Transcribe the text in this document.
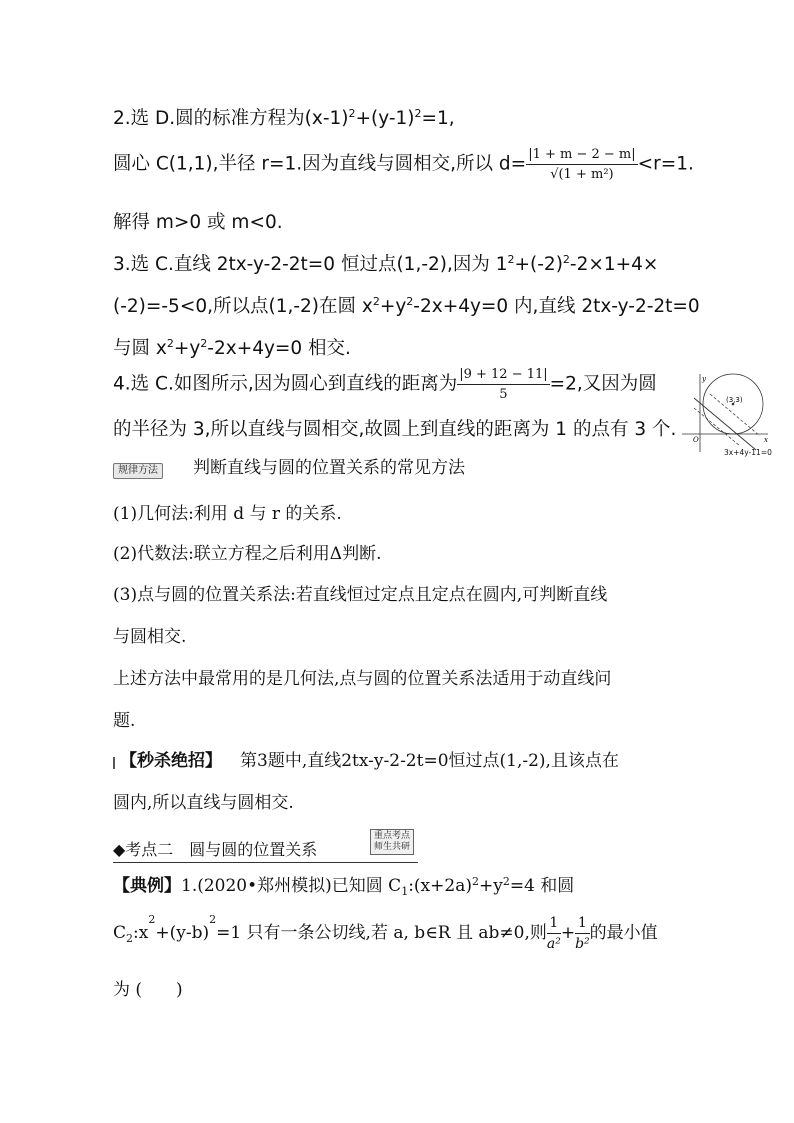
2.选 D.圆的标准方程为$(x-1)^2+(y-1)^2=1$,
圆心 C(1,1),半径 r=1.因为直线与圆相交,所以 $d= \frac{|1 + m - 2 - m|}{\text{√(1 + m²)}} <r=1$.
解得 m>0 或 m<0.
3.选 C.直线 2tx-y-2-2t=0 恒过点(1,-2),因为 $1^2+(-2)^2-2\times 1+4\times$
(-2)=-5<0,所以点(1,-2)在圆 $x^2+y^2-2x+4y=0$ 内,直线 2tx-y-2-2t=0
与圆 $x^2+y^2-2x+4y=0$ 相交.
4.选 C.如图所示,因为圆心到直线的距离为 $\frac{|9 + 12 - 11|}{5} =2$,又因为圆
的半径为 3,所以直线与圆相交,故圆上到直线的距离为 1 的点有 3 个.
(3,3)
y
x
O
3x+4y-11=0
规律方法 判断直线与圆的位置关系的常见方法
(1)几何法:利用 d 与 r 的关系.
(2)代数法:联立方程之后利用Δ判断.
(3)点与圆的位置关系法:若直线恒过定点且定点在圆内,可判断直线
与圆相交.
上述方法中最常用的是几何法,点与圆的位置关系法适用于动直线问
题.
【秒杀绝招】 第3题中,直线2tx-y-2-2t=0恒过点(1,-2),且该点在
圆内,所以直线与圆相交.
◆考点二　圆与圆的位置关系
重点考点
师生共研
【典例】1.(2020•郑州模拟)已知圆 $C_1:(x+2a)^2+y^2=4$ 和圆
$C_2:x^2+(y-b)^2=1$ 只有一条公切线,若 a, b∈R 且 ab≠0,则 $\frac{1}{\text{a²}} + \frac{1}{\text{b²}}$ 的最小值
为 (　　)
